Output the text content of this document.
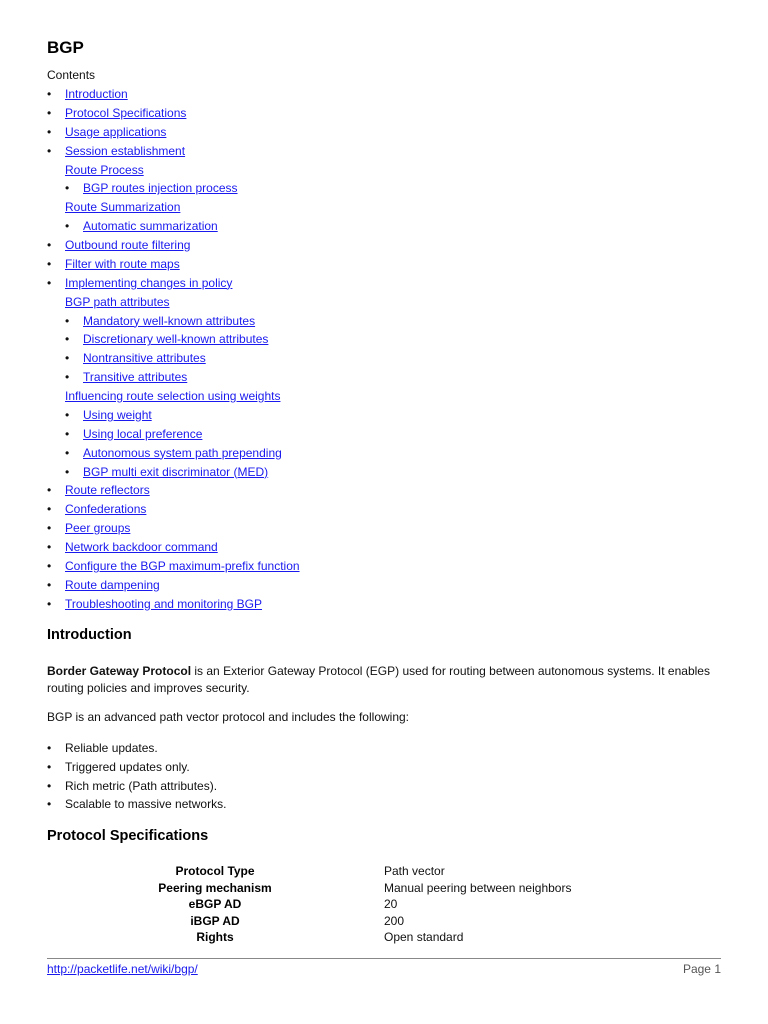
BGP
Contents
• Introduction
• Protocol Specifications
• Usage applications
• Session establishment
Route Process
• BGP routes injection process
Route Summarization
• Automatic summarization
• Outbound route filtering
• Filter with route maps
• Implementing changes in policy
BGP path attributes
• Mandatory well-known attributes
• Discretionary well-known attributes
• Nontransitive attributes
• Transitive attributes
Influencing route selection using weights
• Using weight
• Using local preference
• Autonomous system path prepending
• BGP multi exit discriminator (MED)
• Route reflectors
• Confederations
• Peer groups
• Network backdoor command
• Configure the BGP maximum-prefix function
• Route dampening
• Troubleshooting and monitoring BGP
Introduction

Border Gateway Protocol is an Exterior Gateway Protocol (EGP) used for routing between autonomous systems. It enables routing policies and improves security.

BGP is an advanced path vector protocol and includes the following:

• Reliable updates.
• Triggered updates only.
• Rich metric (Path attributes).
• Scalable to massive networks.
Protocol Specifications
Protocol Type	Path vector
Peering mechanism	Manual peering between neighbors
eBGP AD	20
iBGP AD	200
Rights	Open standard
http://packetlife.net/wiki/bgp/	Page 1
